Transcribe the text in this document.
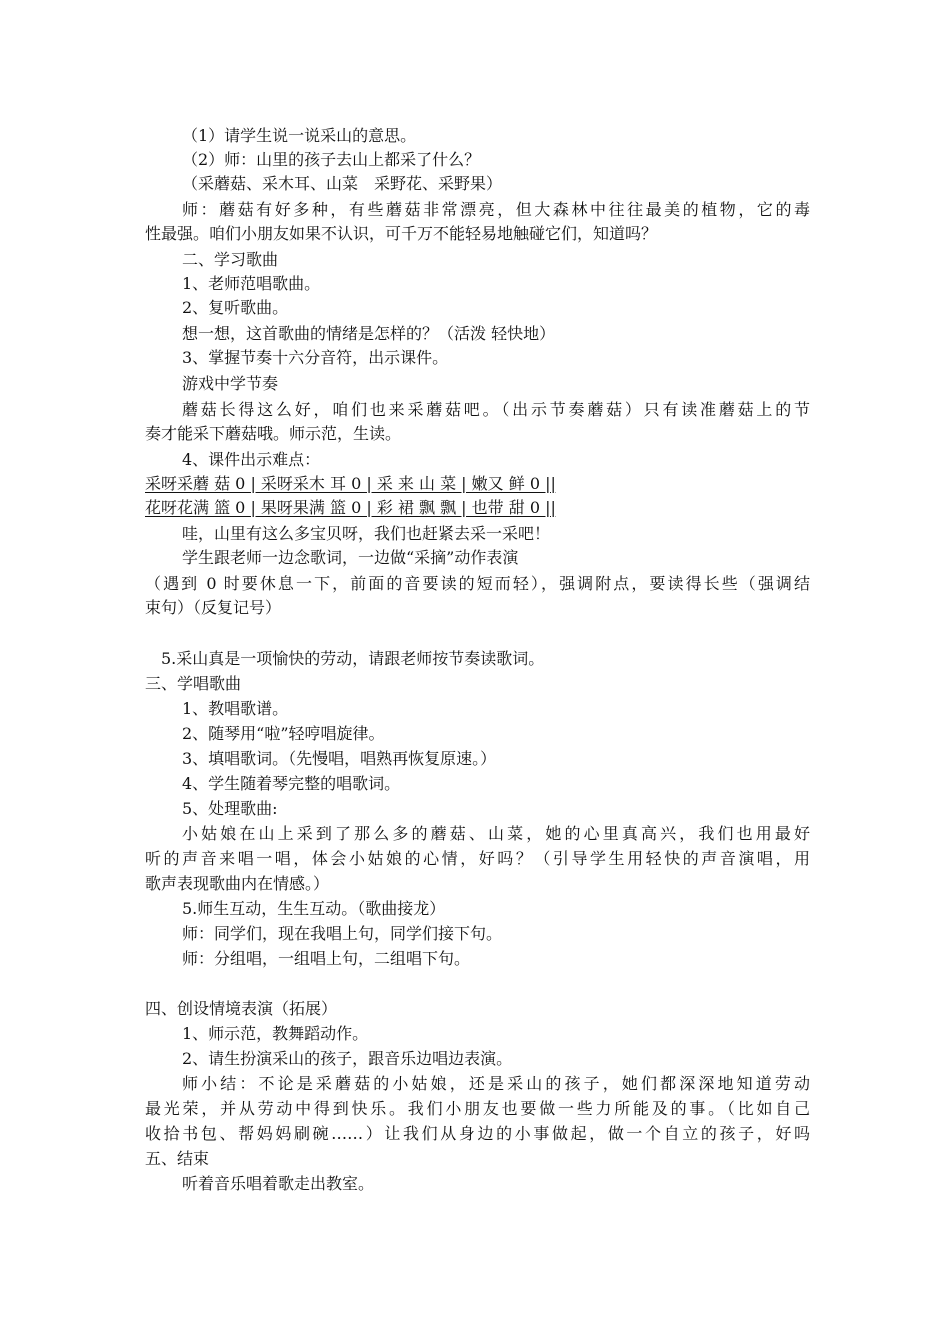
（1）请学生说一说采山的意思。
（2）师：山里的孩子去山上都采了什么？
（采蘑菇、采木耳、山菜　采野花、采野果）
师：蘑菇有好多种，有些蘑菇非常漂亮，但大森林中往往最美的植物，它的毒
性最强。咱们小朋友如果不认识，可千万不能轻易地触碰它们，知道吗？
二、学习歌曲
1、老师范唱歌曲。
2、复听歌曲。
想一想，这首歌曲的情绪是怎样的？（活泼 轻快地）
3、掌握节奏十六分音符，出示课件。
游戏中学节奏
蘑菇长得这么好，咱们也来采蘑菇吧。（出示节奏蘑菇）只有读准蘑菇上的节
奏才能采下蘑菇哦。师示范，生读。
4、课件出示难点：
采呀采蘑 菇 0 | 采呀采木 耳 0 | 采 来 山 菜 | 嫩又 鲜 0 ||
花呀花满 篮 0 | 果呀果满 篮 0 | 彩 裙 飘 飘 | 也带 甜 0 ||
哇，山里有这么多宝贝呀，我们也赶紧去采一采吧！
学生跟老师一边念歌词，一边做“采摘”动作表演
（遇到 0 时要休息一下，前面的音要读的短而轻），强调附点，要读得长些（强调结
束句）（反复记号）
5.采山真是一项愉快的劳动，请跟老师按节奏读歌词。
三、学唱歌曲
1、教唱歌谱。
2、随琴用“啦”轻哼唱旋律。
3、填唱歌词。（先慢唱，唱熟再恢复原速。）
4、学生随着琴完整的唱歌词。
5、处理歌曲:
小姑娘在山上采到了那么多的蘑菇、山菜，她的心里真高兴，我们也用最好
听的声音来唱一唱，体会小姑娘的心情，好吗？（引导学生用轻快的声音演唱，用
歌声表现歌曲内在情感。）
5.师生互动，生生互动。（歌曲接龙）
师：同学们，现在我唱上句，同学们接下句。
师：分组唱，一组唱上句，二组唱下句。
四、创设情境表演（拓展）
1、师示范，教舞蹈动作。
2、请生扮演采山的孩子，跟音乐边唱边表演。
师小结：不论是采蘑菇的小姑娘，还是采山的孩子，她们都深深地知道劳动
最光荣，并从劳动中得到快乐。我们小朋友也要做一些力所能及的事。（比如自己
收拾书包、帮妈妈刷碗……）让我们从身边的小事做起，做一个自立的孩子，好吗
五、结束
听着音乐唱着歌走出教室。
